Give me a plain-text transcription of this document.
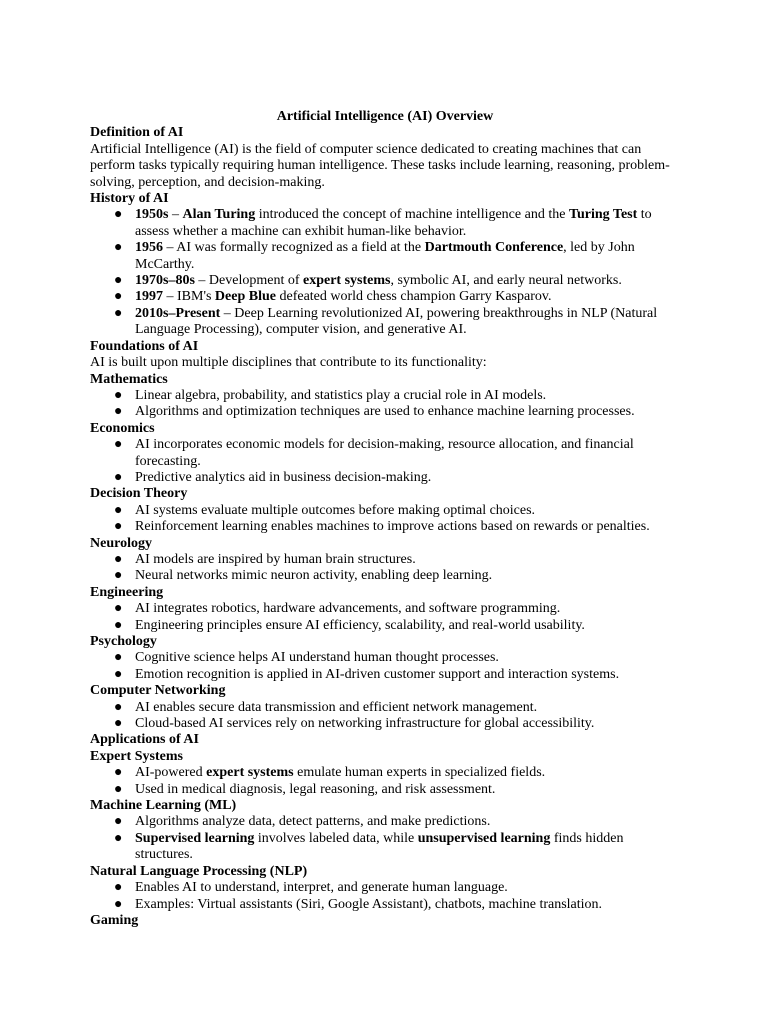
Artificial Intelligence (AI) Overview

Definition of AI

Artificial Intelligence (AI) is the field of computer science dedicated to creating machines that can perform tasks typically requiring human intelligence. These tasks include learning, reasoning, problem-solving, perception, and decision-making.

History of AI

● 1950s – Alan Turing introduced the concept of machine intelligence and the Turing Test to assess whether a machine can exhibit human-like behavior.
● 1956 – AI was formally recognized as a field at the Dartmouth Conference, led by John McCarthy.
● 1970s–80s – Development of expert systems, symbolic AI, and early neural networks.
● 1997 – IBM's Deep Blue defeated world chess champion Garry Kasparov.
● 2010s–Present – Deep Learning revolutionized AI, powering breakthroughs in NLP (Natural Language Processing), computer vision, and generative AI.

Foundations of AI

AI is built upon multiple disciplines that contribute to its functionality:

Mathematics

● Linear algebra, probability, and statistics play a crucial role in AI models.
● Algorithms and optimization techniques are used to enhance machine learning processes.

Economics

● AI incorporates economic models for decision-making, resource allocation, and financial forecasting.
● Predictive analytics aid in business decision-making.

Decision Theory

● AI systems evaluate multiple outcomes before making optimal choices.
● Reinforcement learning enables machines to improve actions based on rewards or penalties.

Neurology

● AI models are inspired by human brain structures.
● Neural networks mimic neuron activity, enabling deep learning.

Engineering

● AI integrates robotics, hardware advancements, and software programming.
● Engineering principles ensure AI efficiency, scalability, and real-world usability.

Psychology

● Cognitive science helps AI understand human thought processes.
● Emotion recognition is applied in AI-driven customer support and interaction systems.

Computer Networking

● AI enables secure data transmission and efficient network management.
● Cloud-based AI services rely on networking infrastructure for global accessibility.

Applications of AI

Expert Systems

● AI-powered expert systems emulate human experts in specialized fields.
● Used in medical diagnosis, legal reasoning, and risk assessment.

Machine Learning (ML)

● Algorithms analyze data, detect patterns, and make predictions.
● Supervised learning involves labeled data, while unsupervised learning finds hidden structures.

Natural Language Processing (NLP)

● Enables AI to understand, interpret, and generate human language.
● Examples: Virtual assistants (Siri, Google Assistant), chatbots, machine translation.

Gaming
